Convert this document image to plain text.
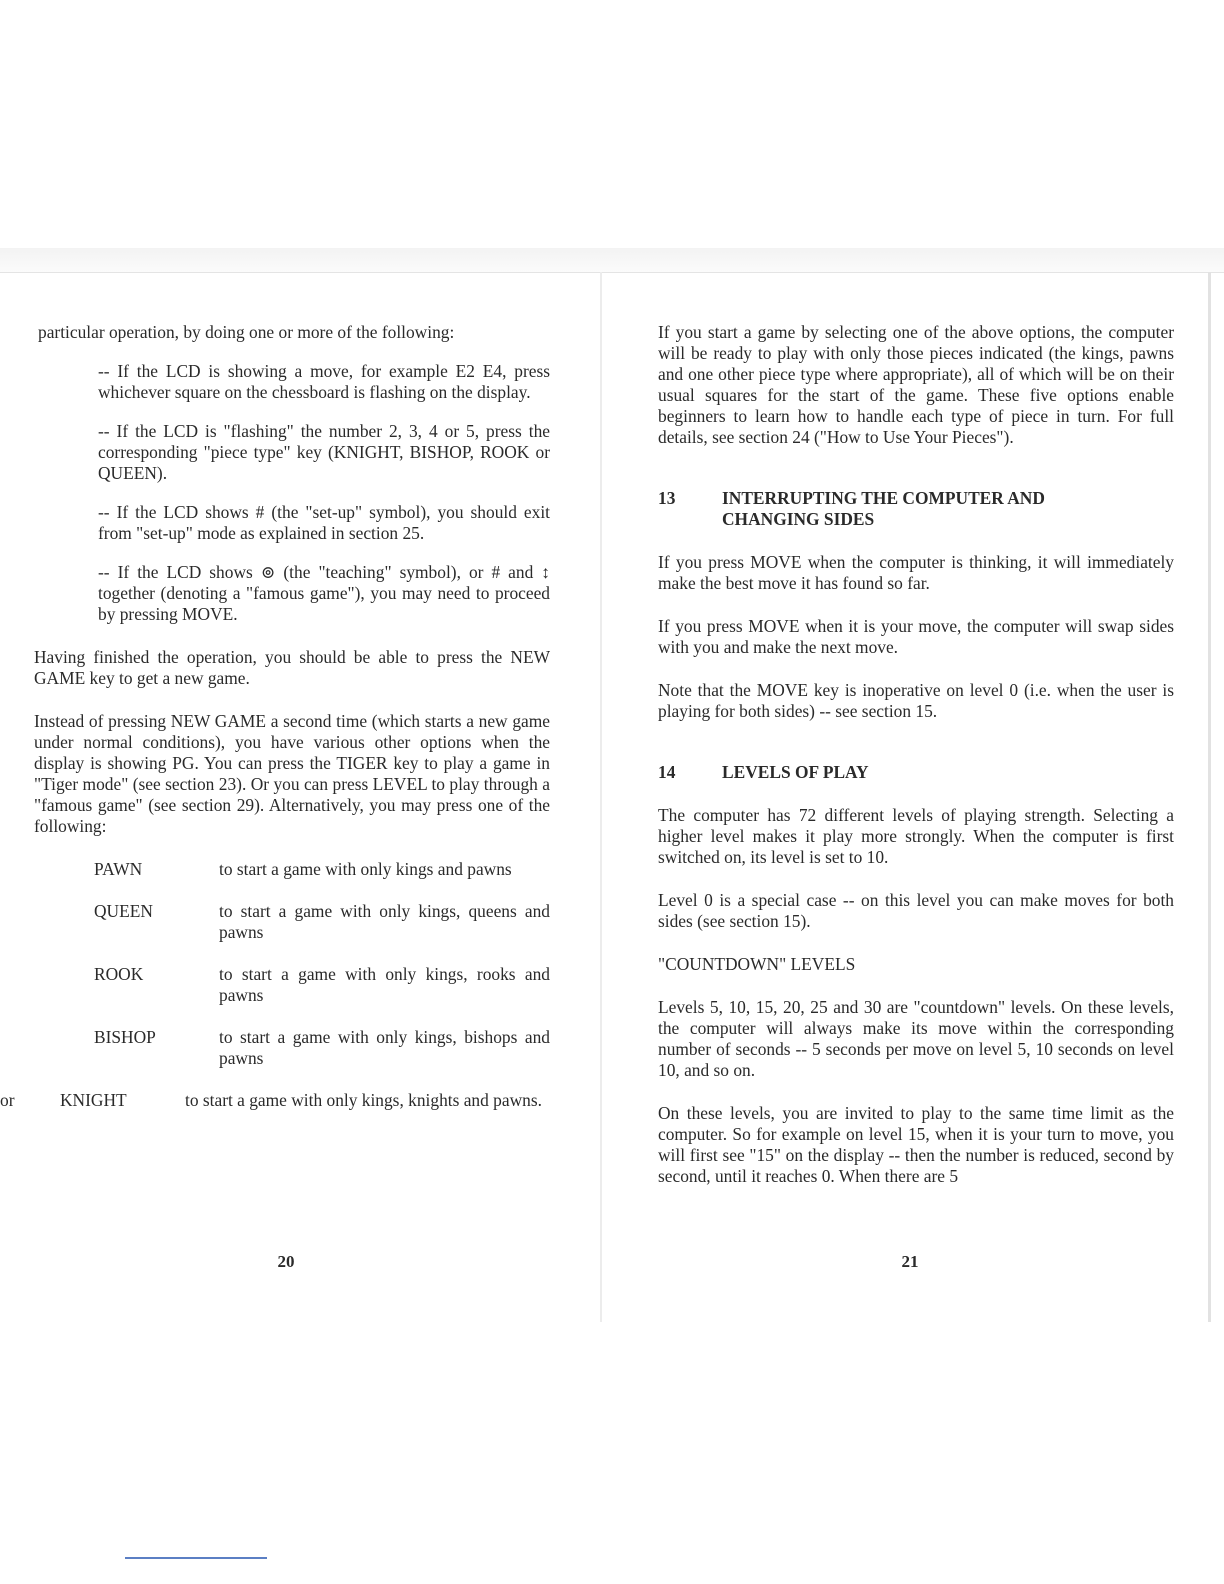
particular operation, by doing one or more of the following:

-- If the LCD is showing a move, for example E2 E4, press whichever square on the chessboard is flashing on the display.

-- If the LCD is "flashing" the number 2, 3, 4 or 5, press the corresponding "piece type" key (KNIGHT, BISHOP, ROOK or QUEEN).

-- If the LCD shows # (the "set-up" symbol), you should exit from "set-up" mode as explained in section 25.

-- If the LCD shows ⊚ (the "teaching" symbol), or # and ↕ together (denoting a "famous game"), you may need to proceed by pressing MOVE.

Having finished the operation, you should be able to press the NEW GAME key to get a new game.

Instead of pressing NEW GAME a second time (which starts a new game under normal conditions), you have various other options when the display is showing PG. You can press the TIGER key to play a game in "Tiger mode" (see section 23). Or you can press LEVEL to play through a "famous game" (see section 29). Alternatively, you may press one of the following:

PAWN	to start a game with only kings and pawns
QUEEN	to start a game with only kings, queens and pawns
ROOK	to start a game with only kings, rooks and pawns
BISHOP	to start a game with only kings, bishops and pawns
or	KNIGHT	to start a game with only kings, knights and pawns.

If you start a game by selecting one of the above options, the computer will be ready to play with only those pieces indicated (the kings, pawns and one other piece type where appropriate), all of which will be on their usual squares for the start of the game. These five options enable beginners to learn how to handle each type of piece in turn. For full details, see section 24 ("How to Use Your Pieces").

13	INTERRUPTING THE COMPUTER AND
CHANGING SIDES

If you press MOVE when the computer is thinking, it will immediately make the best move it has found so far.

If you press MOVE when it is your move, the computer will swap sides with you and make the next move.

Note that the MOVE key is inoperative on level 0 (i.e. when the user is playing for both sides) -- see section 15.

14	LEVELS OF PLAY

The computer has 72 different levels of playing strength. Selecting a higher level makes it play more strongly. When the computer is first switched on, its level is set to 10.

Level 0 is a special case -- on this level you can make moves for both sides (see section 15).

"COUNTDOWN" LEVELS

Levels 5, 10, 15, 20, 25 and 30 are "countdown" levels. On these levels, the computer will always make its move within the corresponding number of seconds -- 5 seconds per move on level 5, 10 seconds on level 10, and so on.

On these levels, you are invited to play to the same time limit as the computer. So for example on level 15, when it is your turn to move, you will first see "15" on the display -- then the number is reduced, second by second, until it reaches 0. When there are 5

20	21
